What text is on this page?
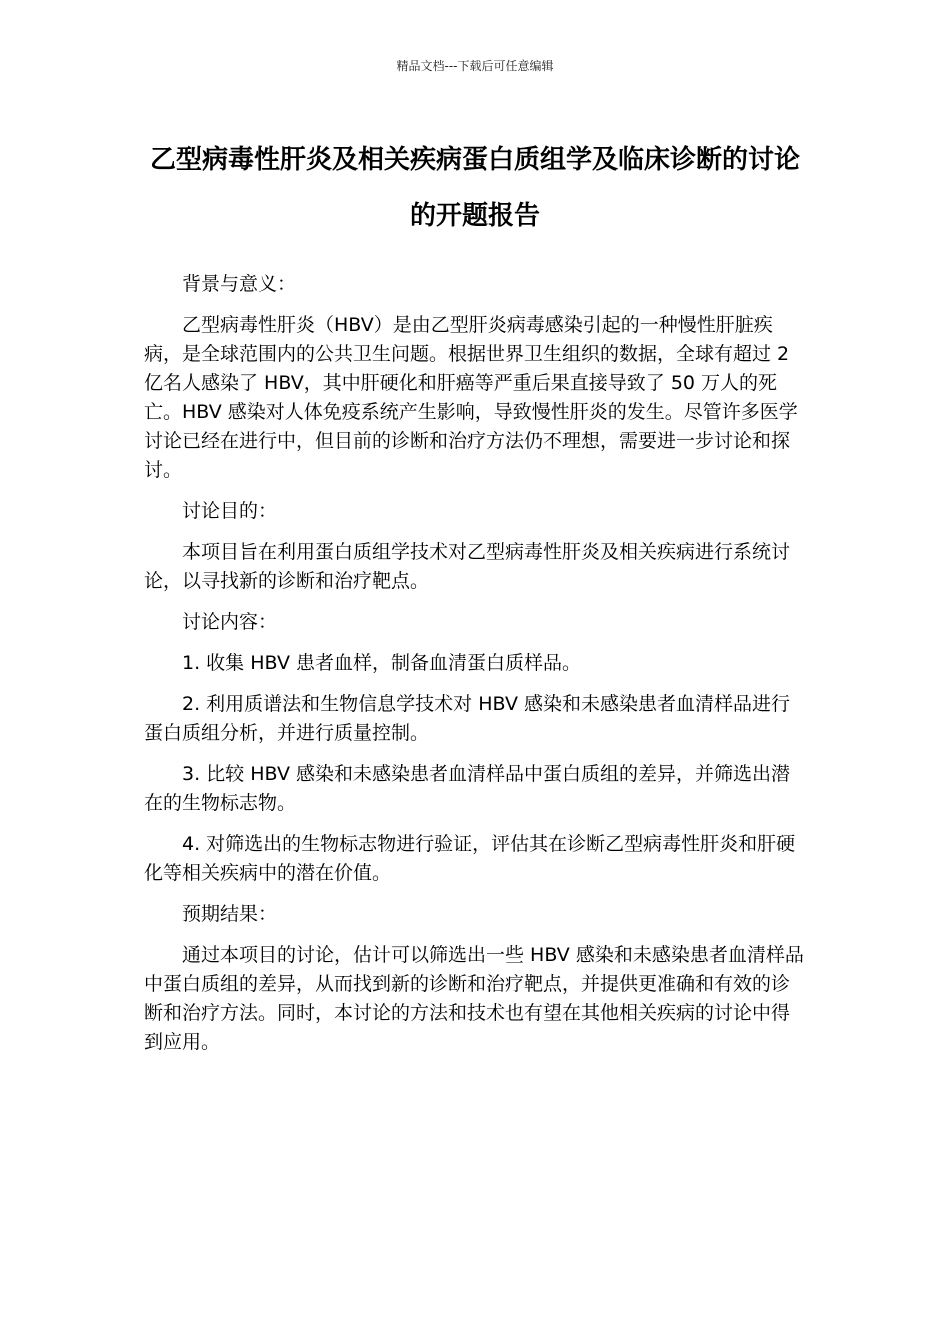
精品文档---下载后可任意编辑
乙型病毒性肝炎及相关疾病蛋白质组学及临床诊断的讨论的开题报告

背景与意义：

乙型病毒性肝炎（HBV）是由乙型肝炎病毒感染引起的一种慢性肝脏疾病，是全球范围内的公共卫生问题。根据世界卫生组织的数据，全球有超过 2 亿名人感染了 HBV，其中肝硬化和肝癌等严重后果直接导致了 50 万人的死亡。HBV 感染对人体免疫系统产生影响，导致慢性肝炎的发生。尽管许多医学讨论已经在进行中，但目前的诊断和治疗方法仍不理想，需要进一步讨论和探讨。

讨论目的：

本项目旨在利用蛋白质组学技术对乙型病毒性肝炎及相关疾病进行系统讨论，以寻找新的诊断和治疗靶点。

讨论内容：

1. 收集 HBV 患者血样，制备血清蛋白质样品。

2. 利用质谱法和生物信息学技术对 HBV 感染和未感染患者血清样品进行蛋白质组分析，并进行质量控制。

3. 比较 HBV 感染和未感染患者血清样品中蛋白质组的差异，并筛选出潜在的生物标志物。

4. 对筛选出的生物标志物进行验证，评估其在诊断乙型病毒性肝炎和肝硬化等相关疾病中的潜在价值。

预期结果：

通过本项目的讨论，估计可以筛选出一些 HBV 感染和未感染患者血清样品中蛋白质组的差异，从而找到新的诊断和治疗靶点，并提供更准确和有效的诊断和治疗方法。同时，本讨论的方法和技术也有望在其他相关疾病的讨论中得到应用。
